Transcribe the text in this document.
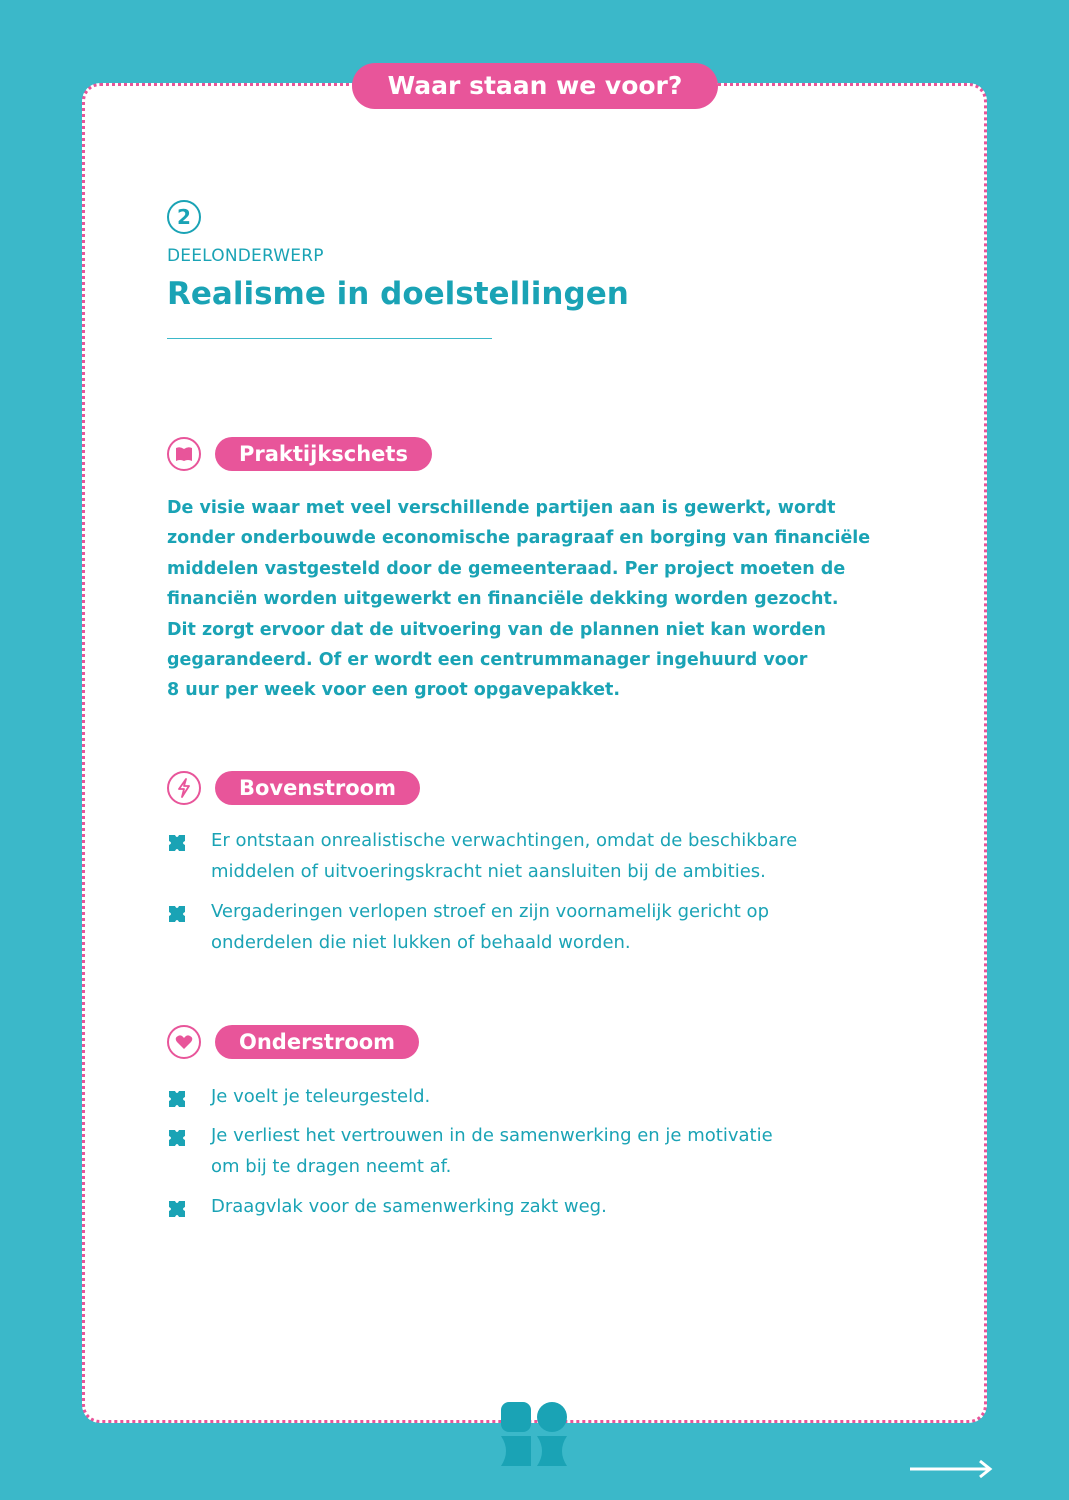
Waar staan we voor?
2
DEELONDERWERP
Realisme in doelstellingen
Praktijkschets
De visie waar met veel verschillende partijen aan is gewerkt, wordt
zonder onderbouwde economische paragraaf en borging van financiële
middelen vastgesteld door de gemeenteraad. Per project moeten de
financiën worden uitgewerkt en financiële dekking worden gezocht.
Dit zorgt ervoor dat de uitvoering van de plannen niet kan worden
gegarandeerd. Of er wordt een centrummanager ingehuurd voor
8 uur per week voor een groot opgavepakket.
Bovenstroom
Er ontstaan onrealistische verwachtingen, omdat de beschikbare
middelen of uitvoeringskracht niet aansluiten bij de ambities.
Vergaderingen verlopen stroef en zijn voornamelijk gericht op
onderdelen die niet lukken of behaald worden.
Onderstroom
Je voelt je teleurgesteld.
Je verliest het vertrouwen in de samenwerking en je motivatie
om bij te dragen neemt af.
Draagvlak voor de samenwerking zakt weg.
